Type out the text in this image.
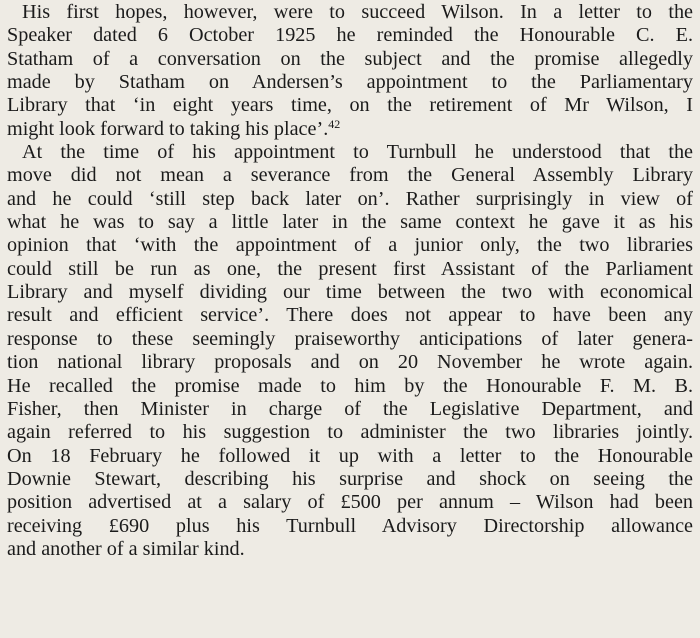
His first hopes, however, were to succeed Wilson. In a letter to the
Speaker dated 6 October 1925 he reminded the Honourable C. E.
Statham of a conversation on the subject and the promise allegedly
made by Statham on Andersen’s appointment to the Parliamentary
Library that ‘in eight years time, on the retirement of Mr Wilson, I
might look forward to taking his place’.$^{42}$
At the time of his appointment to Turnbull he understood that the
move did not mean a severance from the General Assembly Library
and he could ‘still step back later on’. Rather surprisingly in view of
what he was to say a little later in the same context he gave it as his
opinion that ‘with the appointment of a junior only, the two libraries
could still be run as one, the present first Assistant of the Parliament
Library and myself dividing our time between the two with economical
result and efficient service’. There does not appear to have been any
response to these seemingly praiseworthy anticipations of later genera-
tion national library proposals and on 20 November he wrote again.
He recalled the promise made to him by the Honourable F. M. B.
Fisher, then Minister in charge of the Legislative Department, and
again referred to his suggestion to administer the two libraries jointly.
On 18 February he followed it up with a letter to the Honourable
Downie Stewart, describing his surprise and shock on seeing the
position advertised at a salary of £500 per annum – Wilson had been
receiving £690 plus his Turnbull Advisory Directorship allowance
and another of a similar kind.
